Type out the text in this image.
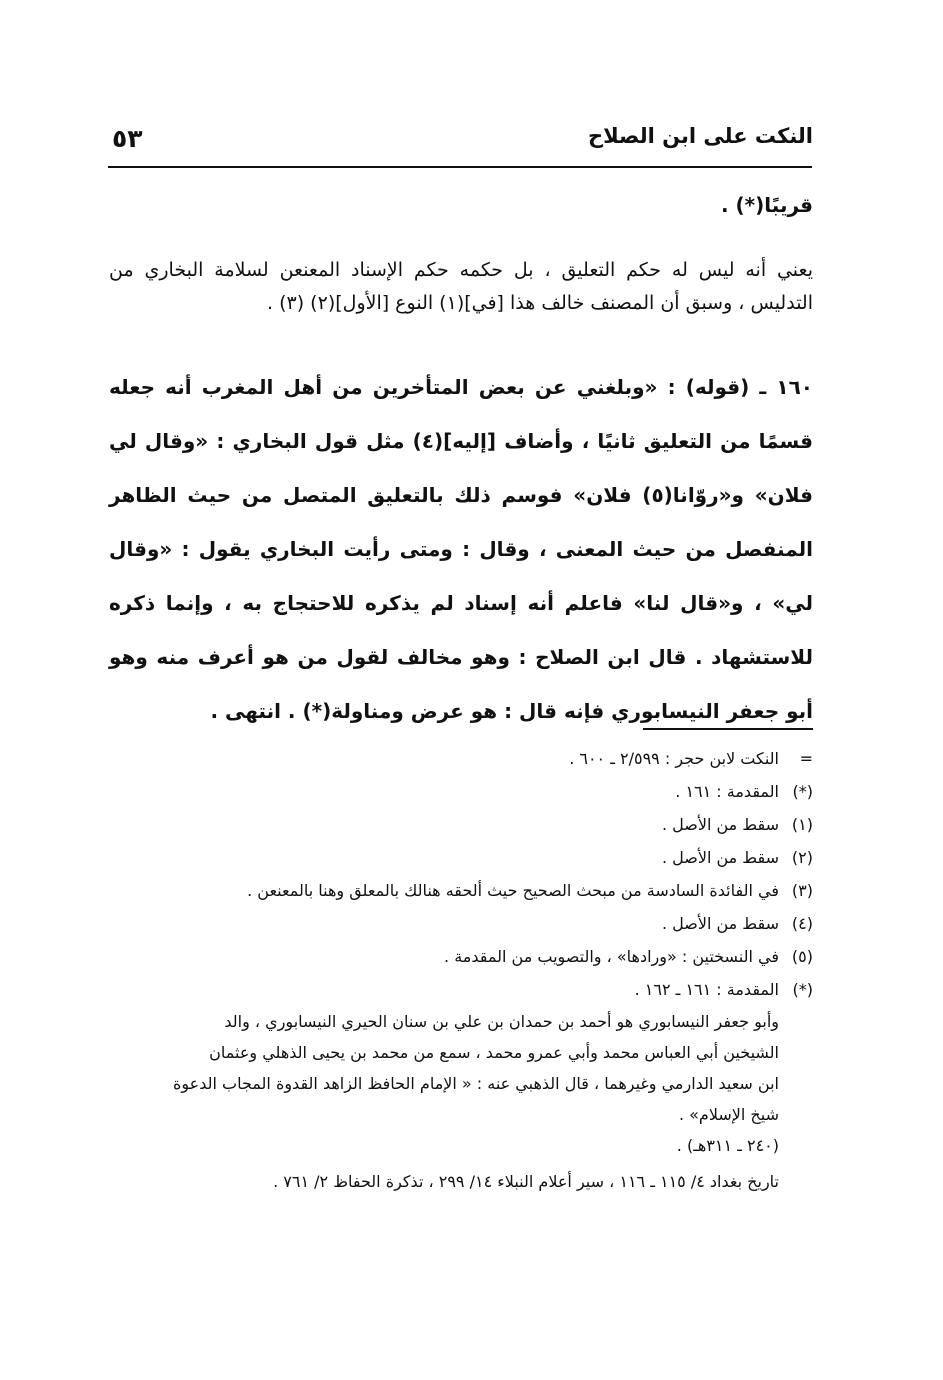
النكت على ابن الصلاح
٥٣
قريبًا(*) .
يعني أنه ليس له حكم التعليق ، بل حكمه حكم الإسناد المعنعن لسلامة البخاري من التدليس ، وسبق أن المصنف خالف هذا [في](١) النوع [الأول](٢) (٣) .
١٦٠ ـ (قوله) : «وبلغني عن بعض المتأخرين من أهل المغرب أنه جعله قسمًا من التعليق ثانيًا ، وأضاف [إليه](٤) مثل قول البخاري : «وقال لي فلان» و«روّانا(٥) فلان» فوسم ذلك بالتعليق المتصل من حيث الظاهر المنفصل من حيث المعنى ، وقال : ومتى رأيت البخاري يقول : «وقال لي» ، و«قال لنا» فاعلم أنه إسناد لم يذكره للاحتجاج به ، وإنما ذكره للاستشهاد . قال ابن الصلاح : وهو مخالف لقول من هو أعرف منه وهو أبو جعفر النيسابوري فإنه قال : هو عرض ومناولة(*) . انتهى .
=النكت لابن حجر : ٢/٥٩٩ ـ ٦٠٠ .
(*)المقدمة : ١٦١ .
(١)سقط من الأصل .
(٢)سقط من الأصل .
(٣)في الفائدة السادسة من مبحث الصحيح حيث ألحقه هنالك بالمعلق وهنا بالمعنعن .
(٤)سقط من الأصل .
(٥)في النسختين : «ورادها» ، والتصويب من المقدمة .
(*)المقدمة : ١٦١ ـ ١٦٢ .
وأبو جعفر النيسابوري هو أحمد بن حمدان بن علي بن سنان الحيري النيسابوري ، والد
الشيخين أبي العباس محمد وأبي عمرو محمد ، سمع من محمد بن يحيى الذهلي وعثمان
ابن سعيد الدارمي وغيرهما ، قال الذهبي عنه : « الإمام الحافظ الزاهد القدوة المجاب الدعوة
شيخ الإسلام» .
(٢٤٠ ـ ٣١١هـ) .
تاريخ بغداد ٤/ ١١٥ ـ ١١٦ ، سير أعلام النبلاء ١٤/ ٢٩٩ ، تذكرة الحفاظ ٢/ ٧٦١ .
